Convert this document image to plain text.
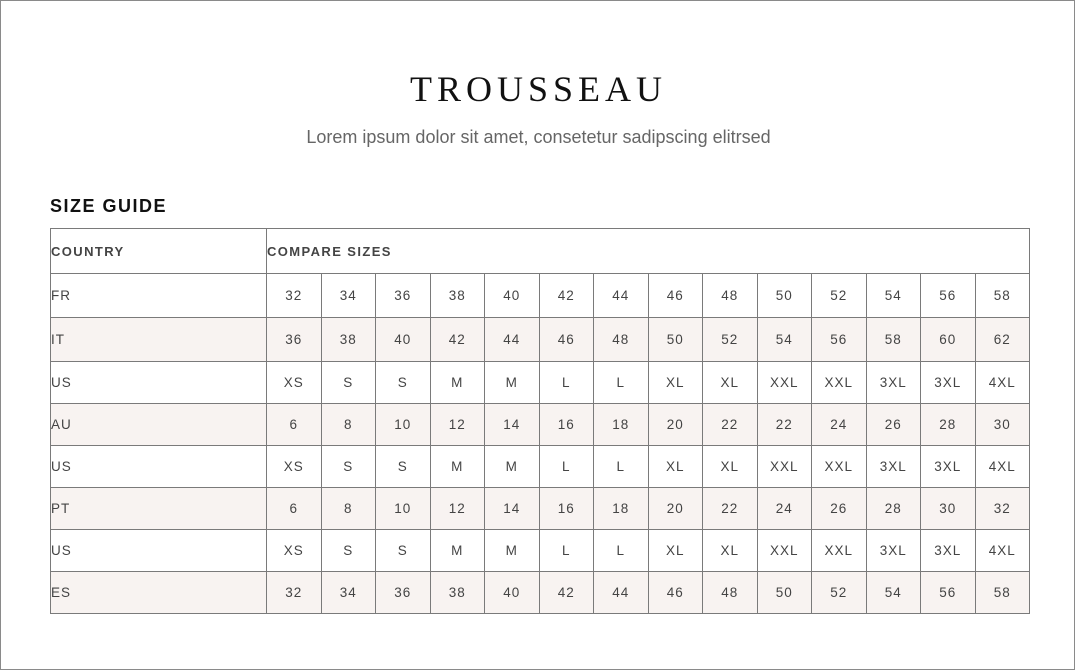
TROUSSEAU
Lorem ipsum dolor sit amet, consetetur sadipscing elitrsed
SIZE GUIDE
COUNTRY	COMPARE SIZES													
FR	32	34	36	38	40	42	44	46	48	50	52	54	56	58
IT	36	38	40	42	44	46	48	50	52	54	56	58	60	62
US	XS	S	S	M	M	L	L	XL	XL	XXL	XXL	3XL	3XL	4XL
AU	6	8	10	12	14	16	18	20	22	22	24	26	28	30
US	XS	S	S	M	M	L	L	XL	XL	XXL	XXL	3XL	3XL	4XL
PT	6	8	10	12	14	16	18	20	22	24	26	28	30	32
US	XS	S	S	M	M	L	L	XL	XL	XXL	XXL	3XL	3XL	4XL
ES	32	34	36	38	40	42	44	46	48	50	52	54	56	58
